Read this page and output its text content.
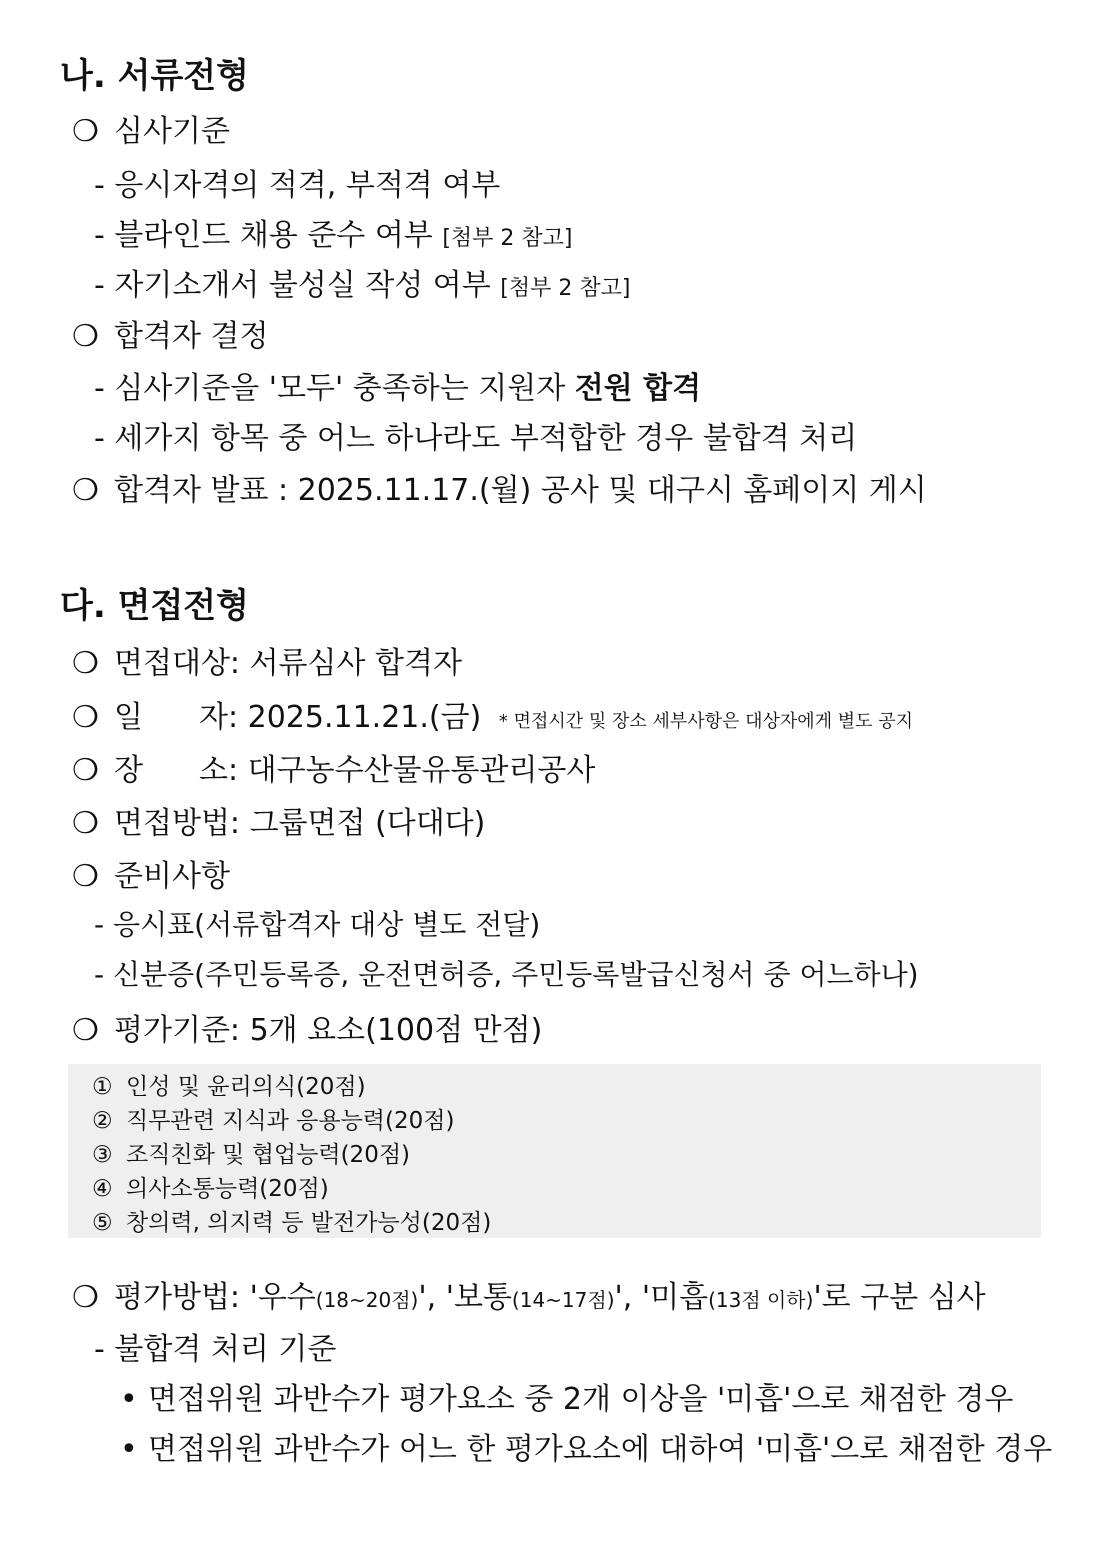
나. 서류전형
❍ 심사기준
- 응시자격의 적격, 부적격 여부
- 블라인드 채용 준수 여부 [첨부 2 참고]
- 자기소개서 불성실 작성 여부 [첨부 2 참고]
❍ 합격자 결정
- 심사기준을 '모두' 충족하는 지원자 전원 합격
- 세가지 항목 중 어느 하나라도 부적합한 경우 불합격 처리
❍ 합격자 발표 : 2025.11.17.(월) 공사 및 대구시 홈페이지 게시
다. 면접전형
❍ 면접대상: 서류심사 합격자
❍ 일 자: 2025.11.21.(금) * 면접시간 및 장소 세부사항은 대상자에게 별도 공지
❍ 장 소: 대구농수산물유통관리공사
❍ 면접방법: 그룹면접 (다대다)
❍ 준비사항
- 응시표(서류합격자 대상 별도 전달)
- 신분증(주민등록증, 운전면허증, 주민등록발급신청서 중 어느하나)
❍ 평가기준: 5개 요소(100점 만점)
① 인성 및 윤리의식(20점)
② 직무관련 지식과 응용능력(20점)
③ 조직친화 및 협업능력(20점)
④ 의사소통능력(20점)
⑤ 창의력, 의지력 등 발전가능성(20점)
❍ 평가방법: '우수(18~20점)', '보통(14~17점)', '미흡(13점 이하)'로 구분 심사
- 불합격 처리 기준
• 면접위원 과반수가 평가요소 중 2개 이상을 '미흡'으로 채점한 경우
• 면접위원 과반수가 어느 한 평가요소에 대하여 '미흡'으로 채점한 경우
